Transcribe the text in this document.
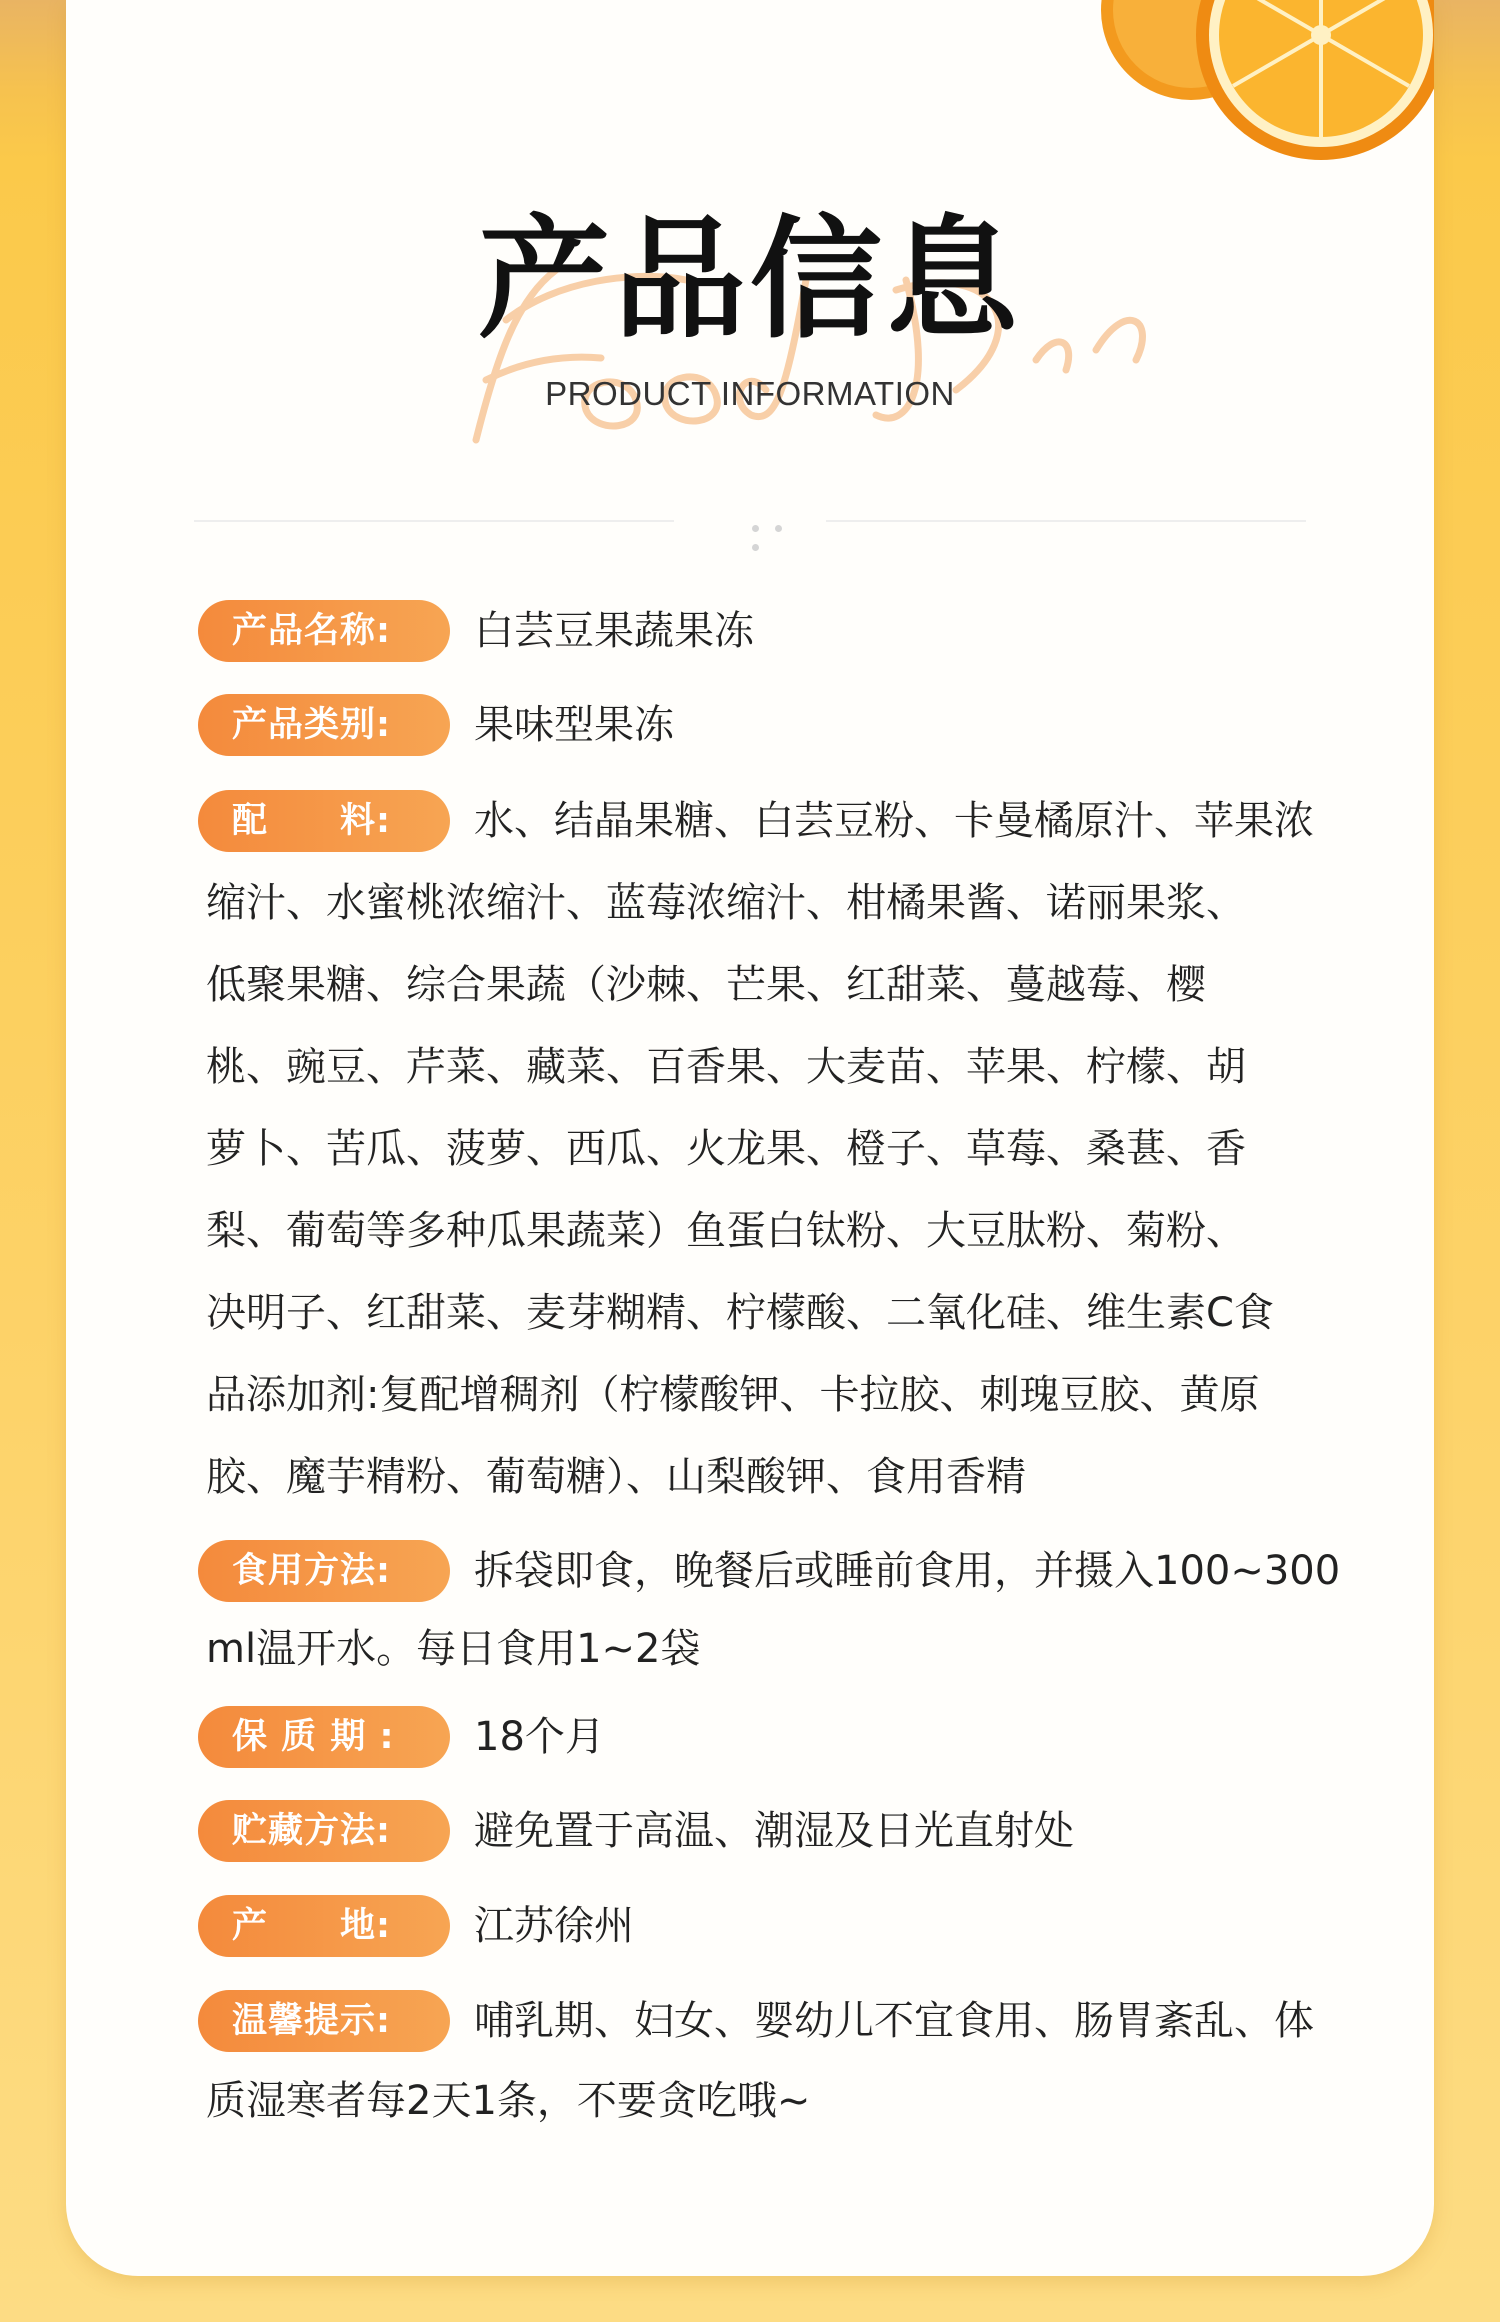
产品信息
PRODUCT INFORMATION
产品名称:	白芸豆果蔬果冻
产品类别:	果味型果冻
配　　料:	水、结晶果糖、白芸豆粉、卡曼橘原汁、苹果浓
缩汁、水蜜桃浓缩汁、蓝莓浓缩汁、柑橘果酱、诺丽果浆、
低聚果糖、综合果蔬（沙棘、芒果、红甜菜、蔓越莓、樱
桃、豌豆、芹菜、藏菜、百香果、大麦苗、苹果、柠檬、胡
萝卜、苦瓜、菠萝、西瓜、火龙果、橙子、草莓、桑葚、香
梨、葡萄等多种瓜果蔬菜）鱼蛋白钛粉、大豆肽粉、菊粉、
决明子、红甜菜、麦芽糊精、柠檬酸、二氧化硅、维生素C食
品添加剂:复配增稠剂（柠檬酸钾、卡拉胶、刺瑰豆胶、黄原
胶、魔芋精粉、葡萄糖）、山梨酸钾、食用香精
食用方法:	拆袋即食，晚餐后或睡前食用，并摄入100~300
ml温开水。每日食用1~2袋
保 质 期 :	18个月
贮藏方法:	避免置于高温、潮湿及日光直射处
产　　地:	江苏徐州
温馨提示:	哺乳期、妇女、婴幼儿不宜食用、肠胃紊乱、体
质湿寒者每2天1条，不要贪吃哦~
